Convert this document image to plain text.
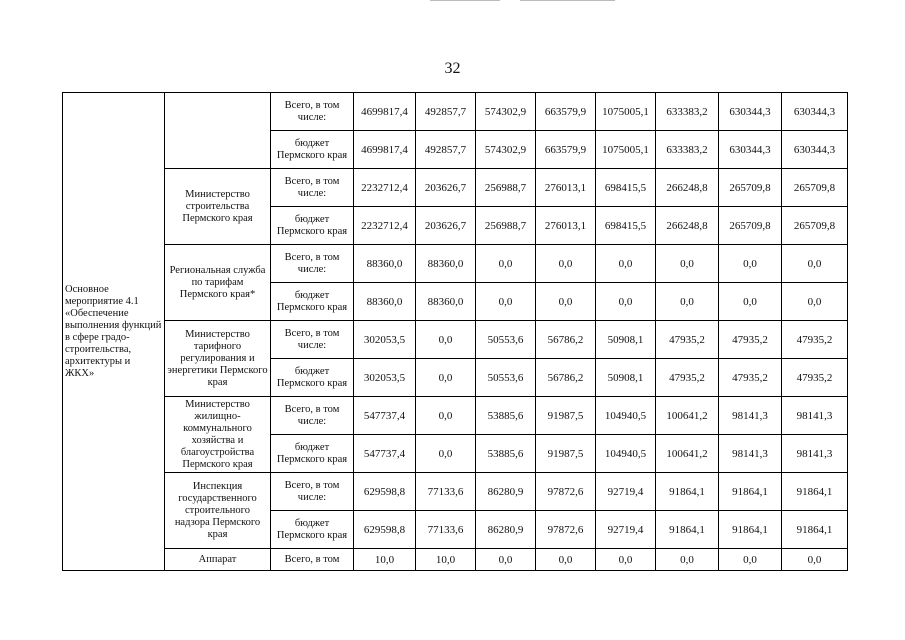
32
Основное мероприятие 4.1 «Обеспечение выполнения функций в сфере градо-строительства, архитектуры и ЖКХ»		Всего, в том числе:	4699817,4	492857,7	574302,9	663579,9	1075005,1	633383,2	630344,3	630344,3
		бюджет Пермского края	4699817,4	492857,7	574302,9	663579,9	1075005,1	633383,2	630344,3	630344,3
	Министерство строительства Пермского края	Всего, в том числе:	2232712,4	203626,7	256988,7	276013,1	698415,5	266248,8	265709,8	265709,8
		бюджет Пермского края	2232712,4	203626,7	256988,7	276013,1	698415,5	266248,8	265709,8	265709,8
	Региональная служба по тарифам Пермского края*	Всего, в том числе:	88360,0	88360,0	0,0	0,0	0,0	0,0	0,0	0,0
		бюджет Пермского края	88360,0	88360,0	0,0	0,0	0,0	0,0	0,0	0,0
	Министерство тарифного регулирования и энергетики Пермского края	Всего, в том числе:	302053,5	0,0	50553,6	56786,2	50908,1	47935,2	47935,2	47935,2
		бюджет Пермского края	302053,5	0,0	50553,6	56786,2	50908,1	47935,2	47935,2	47935,2
	Министерство жилищно-коммунального хозяйства и благоустройства Пермского края	Всего, в том числе:	547737,4	0,0	53885,6	91987,5	104940,5	100641,2	98141,3	98141,3
		бюджет Пермского края	547737,4	0,0	53885,6	91987,5	104940,5	100641,2	98141,3	98141,3
	Инспекция государственного строительного надзора Пермского края	Всего, в том числе:	629598,8	77133,6	86280,9	97872,6	92719,4	91864,1	91864,1	91864,1
		бюджет Пермского края	629598,8	77133,6	86280,9	97872,6	92719,4	91864,1	91864,1	91864,1
	Аппарат	Всего, в том	10,0	10,0	0,0	0,0	0,0	0,0	0,0	0,0
